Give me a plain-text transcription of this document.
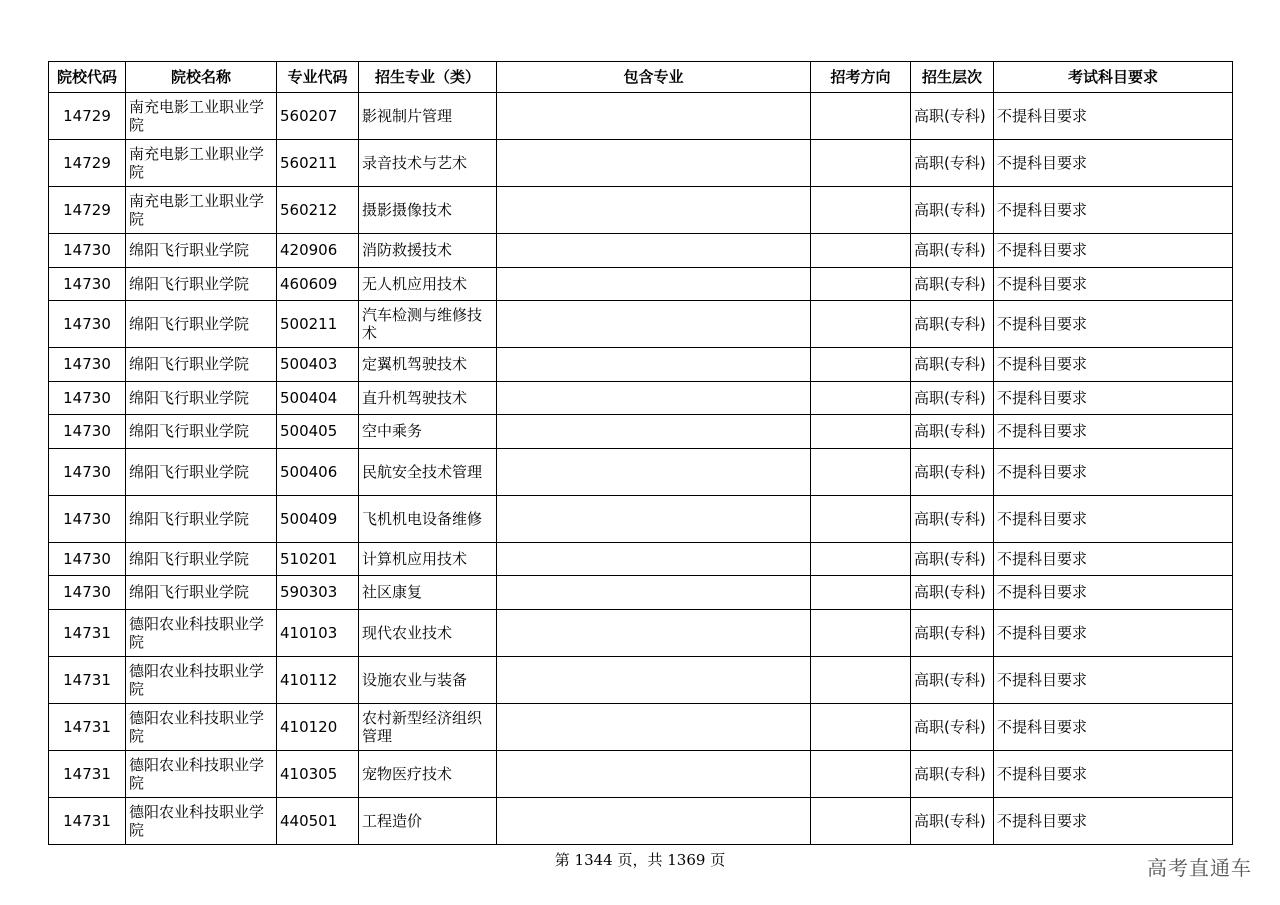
院校代码	院校名称	专业代码	招生专业（类）	包含专业	招考方向	招生层次	考试科目要求
14729	南充电影工业职业学院	560207	影视制片管理			高职(专科)	不提科目要求
14729	南充电影工业职业学院	560211	录音技术与艺术			高职(专科)	不提科目要求
14729	南充电影工业职业学院	560212	摄影摄像技术			高职(专科)	不提科目要求
14730	绵阳飞行职业学院	420906	消防救援技术			高职(专科)	不提科目要求
14730	绵阳飞行职业学院	460609	无人机应用技术			高职(专科)	不提科目要求
14730	绵阳飞行职业学院	500211	汽车检测与维修技术			高职(专科)	不提科目要求
14730	绵阳飞行职业学院	500403	定翼机驾驶技术			高职(专科)	不提科目要求
14730	绵阳飞行职业学院	500404	直升机驾驶技术			高职(专科)	不提科目要求
14730	绵阳飞行职业学院	500405	空中乘务			高职(专科)	不提科目要求
14730	绵阳飞行职业学院	500406	民航安全技术管理			高职(专科)	不提科目要求
14730	绵阳飞行职业学院	500409	飞机机电设备维修			高职(专科)	不提科目要求
14730	绵阳飞行职业学院	510201	计算机应用技术			高职(专科)	不提科目要求
14730	绵阳飞行职业学院	590303	社区康复			高职(专科)	不提科目要求
14731	德阳农业科技职业学院	410103	现代农业技术			高职(专科)	不提科目要求
14731	德阳农业科技职业学院	410112	设施农业与装备			高职(专科)	不提科目要求
14731	德阳农业科技职业学院	410120	农村新型经济组织管理			高职(专科)	不提科目要求
14731	德阳农业科技职业学院	410305	宠物医疗技术			高职(专科)	不提科目要求
14731	德阳农业科技职业学院	440501	工程造价			高职(专科)	不提科目要求
第 1344 页，共 1369 页	高考直通车
